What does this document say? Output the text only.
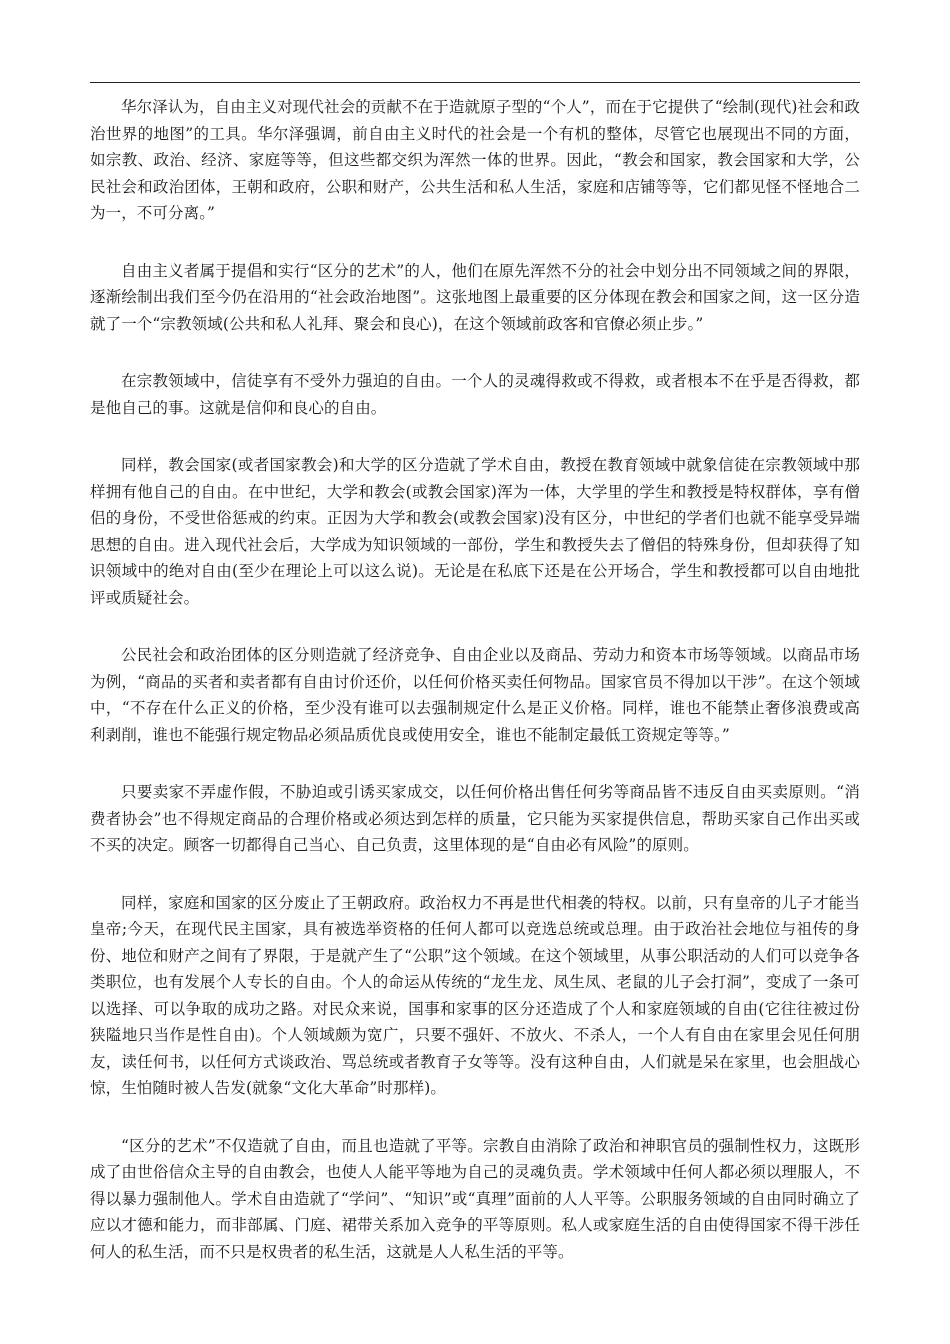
华尔泽认为，自由主义对现代社会的贡献不在于造就原子型的“个人”，而在于它提供了“绘制(现代)社会和政治世界的地图”的工具。华尔泽强调，前自由主义时代的社会是一个有机的整体，尽管它也展现出不同的方面，如宗教、政治、经济、家庭等等，但这些都交织为浑然一体的世界。因此，“教会和国家，教会国家和大学，公民社会和政治团体，王朝和政府，公职和财产，公共生活和私人生活，家庭和店铺等等，它们都见怪不怪地合二为一，不可分离。”

自由主义者属于提倡和实行“区分的艺术”的人，他们在原先浑然不分的社会中划分出不同领域之间的界限，逐渐绘制出我们至今仍在沿用的“社会政治地图”。这张地图上最重要的区分体现在教会和国家之间，这一区分造就了一个“宗教领域(公共和私人礼拜、聚会和良心)，在这个领域前政客和官僚必须止步。”

在宗教领域中，信徒享有不受外力强迫的自由。一个人的灵魂得救或不得救，或者根本不在乎是否得救，都是他自己的事。这就是信仰和良心的自由。

同样，教会国家(或者国家教会)和大学的区分造就了学术自由，教授在教育领域中就象信徒在宗教领域中那样拥有他自己的自由。在中世纪，大学和教会(或教会国家)浑为一体，大学里的学生和教授是特权群体，享有僧侣的身份，不受世俗惩戒的约束。正因为大学和教会(或教会国家)没有区分，中世纪的学者们也就不能享受异端思想的自由。进入现代社会后，大学成为知识领域的一部份，学生和教授失去了僧侣的特殊身份，但却获得了知识领域中的绝对自由(至少在理论上可以这么说)。无论是在私底下还是在公开场合，学生和教授都可以自由地批评或质疑社会。

公民社会和政治团体的区分则造就了经济竞争、自由企业以及商品、劳动力和资本市场等领域。以商品市场为例，“商品的买者和卖者都有自由讨价还价，以任何价格买卖任何物品。国家官员不得加以干涉”。在这个领域中，“不存在什么正义的价格，至少没有谁可以去强制规定什么是正义价格。同样，谁也不能禁止奢侈浪费或高利剥削，谁也不能强行规定物品必须品质优良或使用安全，谁也不能制定最低工资规定等等。”

只要卖家不弄虚作假，不胁迫或引诱买家成交，以任何价格出售任何劣等商品皆不违反自由买卖原则。“消费者协会”也不得规定商品的合理价格或必须达到怎样的质量，它只能为买家提供信息，帮助买家自己作出买或不买的决定。顾客一切都得自己当心、自己负责，这里体现的是“自由必有风险”的原则。

同样，家庭和国家的区分废止了王朝政府。政治权力不再是世代相袭的特权。以前，只有皇帝的儿子才能当皇帝;今天，在现代民主国家，具有被选举资格的任何人都可以竞选总统或总理。由于政治社会地位与祖传的身份、地位和财产之间有了界限，于是就产生了“公职”这个领域。在这个领域里，从事公职活动的人们可以竞争各类职位，也有发展个人专长的自由。个人的命运从传统的“龙生龙、凤生凤、老鼠的儿子会打洞”，变成了一条可以选择、可以争取的成功之路。对民众来说，国事和家事的区分还造成了个人和家庭领域的自由(它往往被过份狭隘地只当作是性自由)。个人领域颇为宽广，只要不强奸、不放火、不杀人，一个人有自由在家里会见任何朋友，读任何书，以任何方式谈政治、骂总统或者教育子女等等。没有这种自由，人们就是呆在家里，也会胆战心惊，生怕随时被人告发(就象“文化大革命”时那样)。

“区分的艺术”不仅造就了自由，而且也造就了平等。宗教自由消除了政治和神职官员的强制性权力，这既形成了由世俗信众主导的自由教会，也使人人能平等地为自己的灵魂负责。学术领域中任何人都必须以理服人，不得以暴力强制他人。学术自由造就了“学问”、“知识”或“真理”面前的人人平等。公职服务领域的自由同时确立了应以才德和能力，而非部属、门庭、裙带关系加入竞争的平等原则。私人或家庭生活的自由使得国家不得干涉任何人的私生活，而不只是权贵者的私生活，这就是人人私生活的平等。
